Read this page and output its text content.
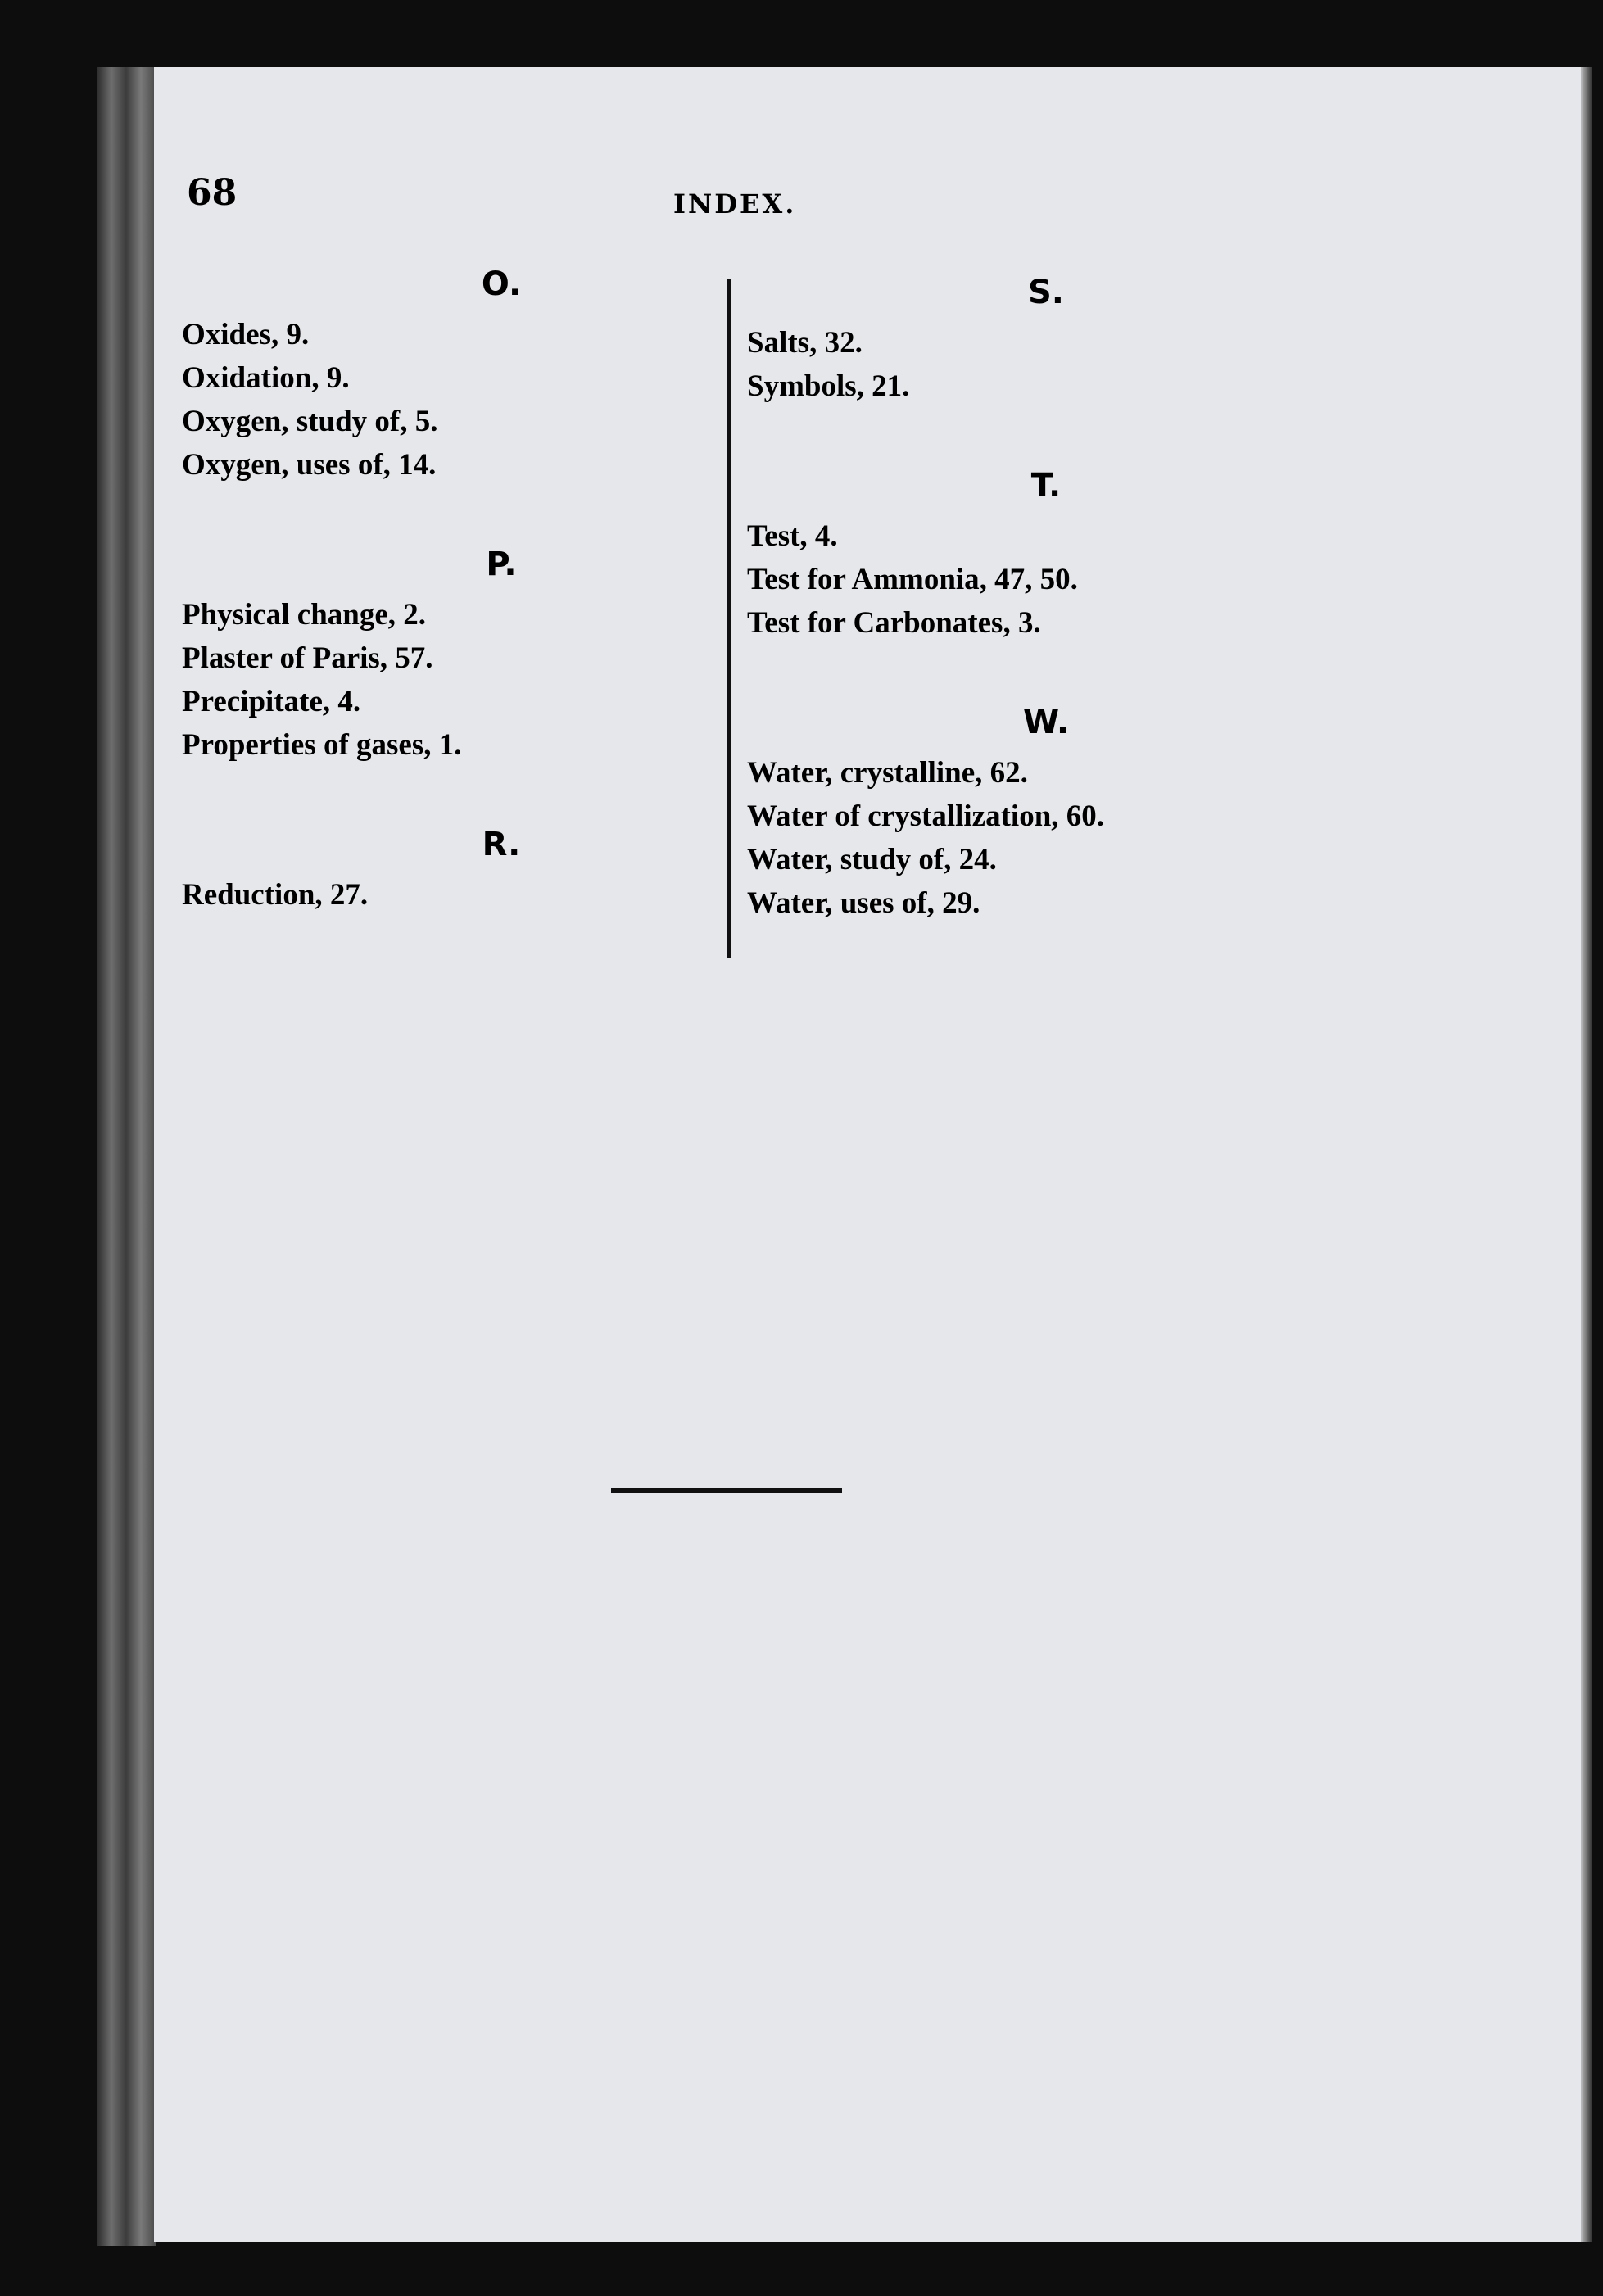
68	INDEX.
O.
Oxides, 9.
Oxidation, 9.
Oxygen, study of, 5.
Oxygen, uses of, 14.
P.
Physical change, 2.
Plaster of Paris, 57.
Precipitate, 4.
Properties of gases, 1.
R.
Reduction, 27.
S.
Salts, 32.
Symbols, 21.
T.
Test, 4.
Test for Ammonia, 47, 50.
Test for Carbonates, 3.
W.
Water, crystalline, 62.
Water of crystallization, 60.
Water, study of, 24.
Water, uses of, 29.
